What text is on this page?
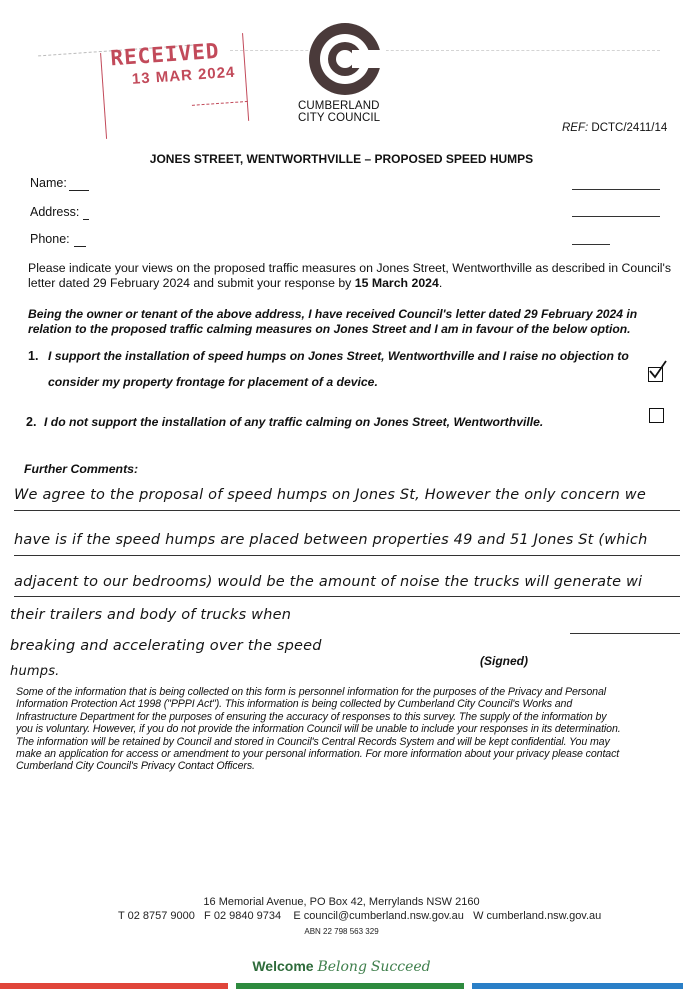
RECEIVED
13 MAR 2024
CUMBERLAND
CITY COUNCIL
REF: DCTC/2411/14
JONES STREET, WENTWORTHVILLE – PROPOSED SPEED HUMPS
Name:
Address:
Phone:
Please indicate your views on the proposed traffic measures on Jones Street, Wentworthville as described in Council's
letter dated 29 February 2024 and submit your response by 15 March 2024.
Being the owner or tenant of the above address, I have received Council's letter dated 29 February 2024 in
relation to the proposed traffic calming measures on Jones Street and I am in favour of the below option.
1. I support the installation of speed humps on Jones Street, Wentworthville and I raise no objection to
consider my property frontage for placement of a device.
2. I do not support the installation of any traffic calming on Jones Street, Wentworthville.
Further Comments:
We agree to the proposal of speed humps on Jones St, However the only concern we
have is if the speed humps are placed between properties 49 and 51 Jones St (which
adjacent to our bedrooms) would be the amount of noise the trucks will generate wi
their trailers and body of trucks when
breaking and accelerating over the speed
humps.
(Signed)
Some of the information that is being collected on this form is personnel information for the purposes of the Privacy and Personal
Information Protection Act 1998 ("PPPI Act"). This information is being collected by Cumberland City Council's Works and
Infrastructure Department for the purposes of ensuring the accuracy of responses to this survey. The supply of the information by
you is voluntary. However, if you do not provide the information Council will be unable to include your responses in its determination.
The information will be retained by Council and stored in Council's Central Records System and will be kept confidential. You may
make an application for access or amendment to your personal information. For more information about your privacy please contact
Cumberland City Council's Privacy Contact Officers.
16 Memorial Avenue, PO Box 42, Merrylands NSW 2160
T 02 8757 9000 F 02 9840 9734 E council@cumberland.nsw.gov.au W cumberland.nsw.gov.au
ABN 22 798 563 329
Welcome Belong Succeed
